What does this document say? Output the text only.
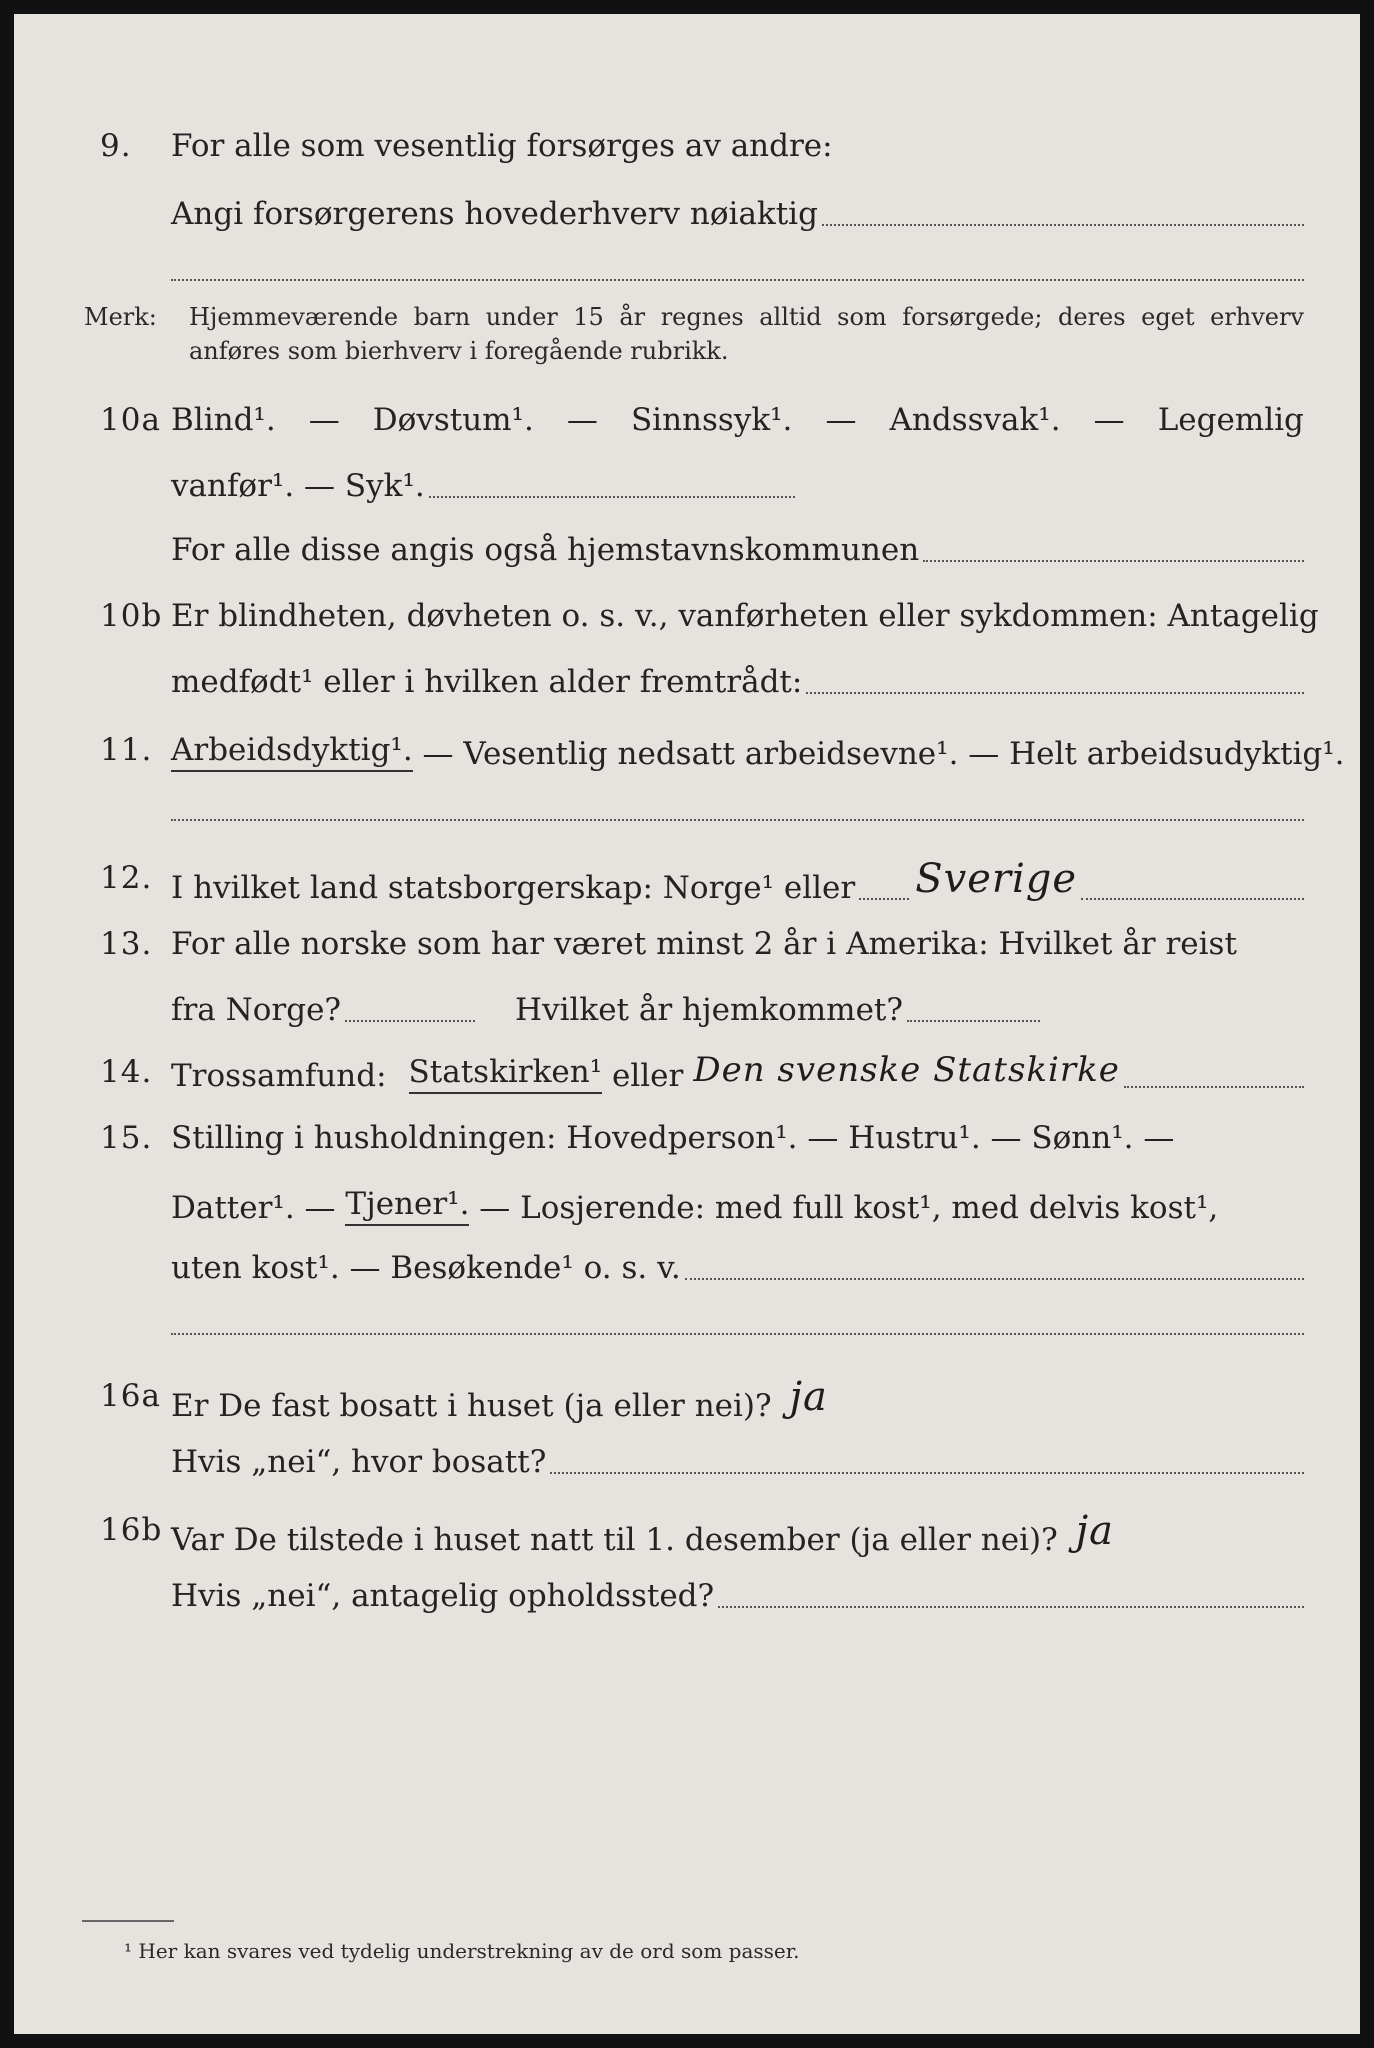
9. For alle som vesentlig forsørges av andre:
Angi forsørgerens hovederhverv nøiaktig
Merk: Hjemmeværende barn under 15 år regnes alltid som forsørgede; deres eget erhverv anføres som bierhverv i foregående rubrikk.
10a Blind¹. — Døvstum¹. — Sinnssyk¹. — Andssvak¹. — Legemlig
vanfør¹. — Syk¹.
For alle disse angis også hjemstavnskommunen
10b Er blindheten, døvheten o. s. v., vanførheten eller sykdommen: Antagelig
medfødt¹ eller i hvilken alder fremtrådt:
11. Arbeidsdyktig¹. — Vesentlig nedsatt arbeidsevne¹. — Helt arbeidsudyktig¹.
12. I hvilket land statsborgerskap: Norge¹ eller Sverige
13. For alle norske som har været minst 2 år i Amerika: Hvilket år reist
fra Norge?	Hvilket år hjemkommet?
14. Trossamfund: Statskirken¹ eller Den svenske Statskirke
15. Stilling i husholdningen: Hovedperson¹. — Hustru¹. — Sønn¹. —
Datter¹. — Tjener¹. — Losjerende: med full kost¹, med delvis kost¹,
uten kost¹. — Besøkende¹ o. s. v.
16a Er De fast bosatt i huset (ja eller nei)? ja
Hvis „nei“, hvor bosatt?
16b Var De tilstede i huset natt til 1. desember (ja eller nei)? ja
Hvis „nei“, antagelig opholdssted?
¹ Her kan svares ved tydelig understrekning av de ord som passer.
